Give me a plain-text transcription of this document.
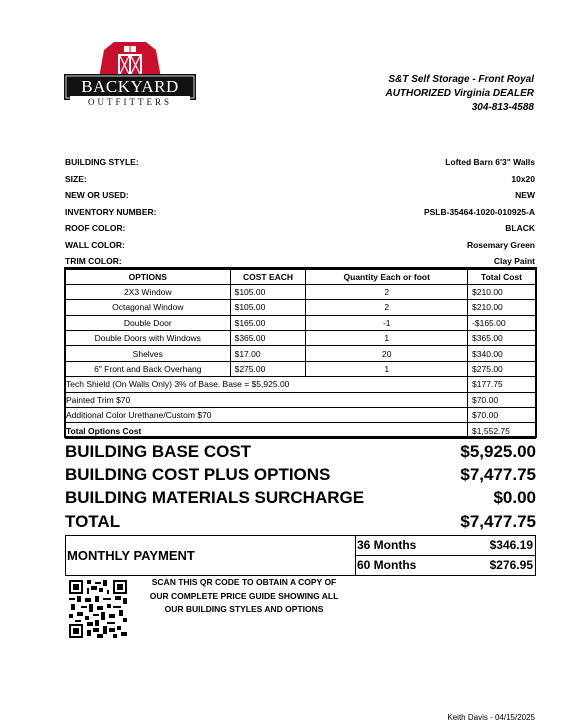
BACKYARD
OUTFITTERS
S&T Self Storage - Front Royal
AUTHORIZED Virginia DEALER
304-813-4588
BUILDING STYLE:	Lofted Barn 6'3" Walls
SIZE:	10x20
NEW OR USED:	NEW
INVENTORY NUMBER:	PSLB-35464-1020-010925-A
ROOF COLOR:	BLACK
WALL COLOR:	Rosemary Green
TRIM COLOR:	Clay Paint
OPTIONS	COST EACH	Quantity Each or foot	Total Cost
2X3 Window	$105.00	2	$210.00
Octagonal Window	$105.00	2	$210.00
Double Door	$165.00	-1	-$165.00
Double Doors with Windows	$365.00	1	$365.00
Shelves	$17.00	20	$340.00
6" Front and Back Overhang	$275.00	1	$275.00
Tech Shield (On Walls Only) 3% of Base. Base = $5,925.00			$177.75
Painted Trim $70			$70.00
Additional Color Urethane/Custom $70			$70.00
Total Options Cost			$1,552.75
BUILDING BASE COST	$5,925.00
BUILDING COST PLUS OPTIONS	$7,477.75
BUILDING MATERIALS SURCHARGE	$0.00
TOTAL	$7,477.75
MONTHLY PAYMENT
36 Months	$346.19
60 Months	$276.95
SCAN THIS QR CODE TO OBTAIN A COPY OF
OUR COMPLETE PRICE GUIDE SHOWING ALL
OUR BUILDING STYLES AND OPTIONS
Keith Davis - 04/15/2025
